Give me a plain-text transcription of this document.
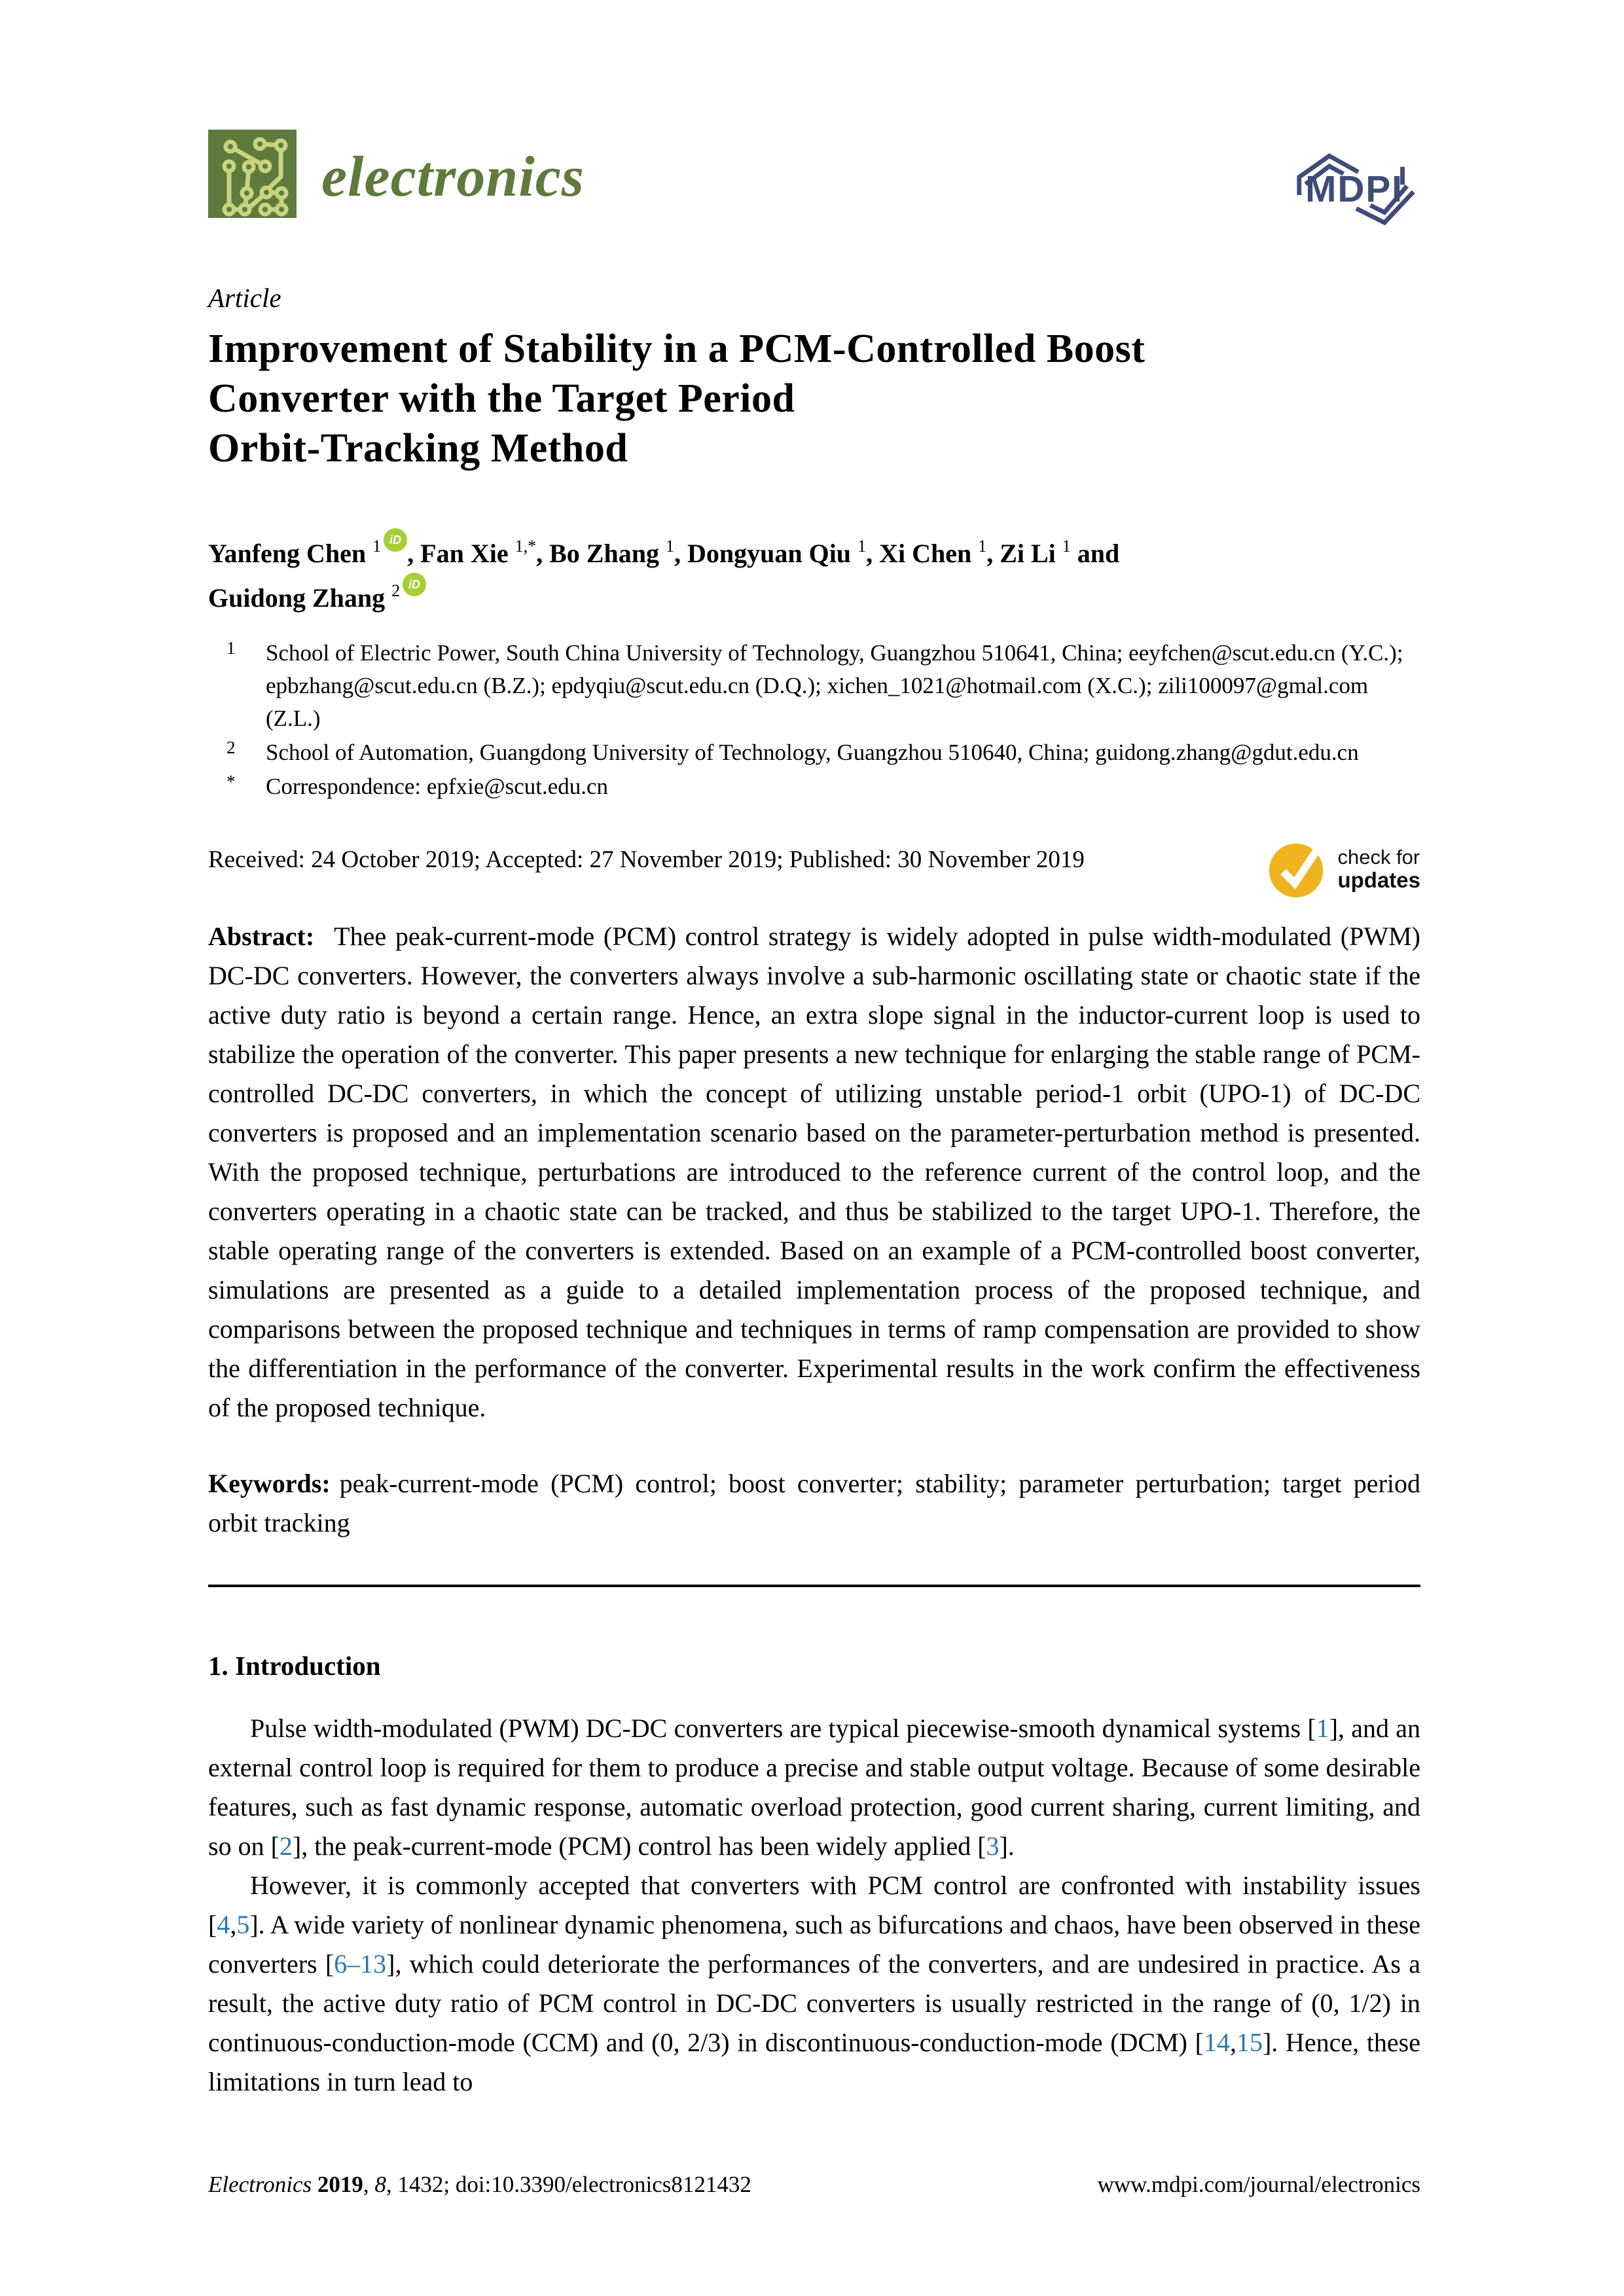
electronics	MDPI
Article
Improvement of Stability in a PCM-Controlled Boost
Converter with the Target Period
Orbit-Tracking Method
Yanfeng Chen $^1$ iD , Fan Xie $^{1,*}$, Bo Zhang $^1$, Dongyuan Qiu $^1$, Xi Chen $^1$, Zi Li $^1$ and
Guidong Zhang $^2$ iD
1 School of Electric Power, South China University of Technology, Guangzhou 510641, China; eeyfchen@scut.edu.cn (Y.C.); epbzhang@scut.edu.cn (B.Z.); epdyqiu@scut.edu.cn (D.Q.); xichen_1021@hotmail.com (X.C.); zili100097@gmal.com (Z.L.)
2 School of Automation, Guangdong University of Technology, Guangzhou 510640, China; guidong.zhang@gdut.edu.cn
* Correspondence: epfxie@scut.edu.cn
Received: 24 October 2019; Accepted: 27 November 2019; Published: 30 November 2019	check for
updates

Abstract: Thee peak-current-mode (PCM) control strategy is widely adopted in pulse width-modulated (PWM) DC-DC converters. However, the converters always involve a sub-harmonic oscillating state or chaotic state if the active duty ratio is beyond a certain range. Hence, an extra slope signal in the inductor-current loop is used to stabilize the operation of the converter. This paper presents a new technique for enlarging the stable range of PCM-controlled DC-DC converters, in which the concept of utilizing unstable period-1 orbit (UPO-1) of DC-DC converters is proposed and an implementation scenario based on the parameter-perturbation method is presented. With the proposed technique, perturbations are introduced to the reference current of the control loop, and the converters operating in a chaotic state can be tracked, and thus be stabilized to the target UPO-1. Therefore, the stable operating range of the converters is extended. Based on an example of a PCM-controlled boost converter, simulations are presented as a guide to a detailed implementation process of the proposed technique, and comparisons between the proposed technique and techniques in terms of ramp compensation are provided to show the differentiation in the performance of the converter. Experimental results in the work confirm the effectiveness of the proposed technique.

Keywords: peak-current-mode (PCM) control; boost converter; stability; parameter perturbation; target period orbit tracking

1. Introduction

Pulse width-modulated (PWM) DC-DC converters are typical piecewise-smooth dynamical systems [1], and an external control loop is required for them to produce a precise and stable output voltage. Because of some desirable features, such as fast dynamic response, automatic overload protection, good current sharing, current limiting, and so on [2], the peak-current-mode (PCM) control has been widely applied [3].

However, it is commonly accepted that converters with PCM control are confronted with instability issues [4,5]. A wide variety of nonlinear dynamic phenomena, such as bifurcations and chaos, have been observed in these converters [6–13], which could deteriorate the performances of the converters, and are undesired in practice. As a result, the active duty ratio of PCM control in DC-DC converters is usually restricted in the range of (0, 1/2) in continuous-conduction-mode (CCM) and (0, 2/3) in discontinuous-conduction-mode (DCM) [14,15]. Hence, these limitations in turn lead to

Electronics 2019, 8, 1432; doi:10.3390/electronics8121432	www.mdpi.com/journal/electronics
